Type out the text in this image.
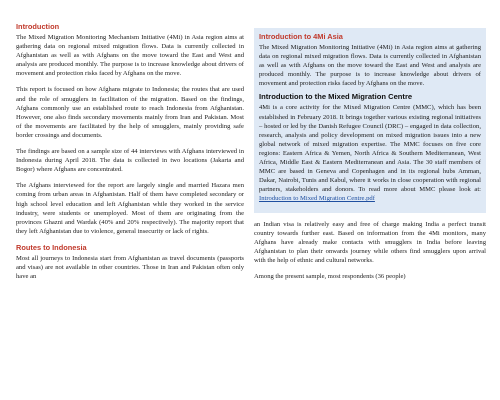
Introduction

The Mixed Migration Monitoring Mechanism Initiative (4Mi) in Asia region aims at gathering data on regional mixed migration flows. Data is currently collected in Afghanistan as well as with Afghans on the move toward the East and West and analysis are produced monthly. The purpose is to increase knowledge about drivers of movement and protection risks faced by Afghans on the move.

This report is focused on how Afghans migrate to Indonesia; the routes that are used and the role of smugglers in facilitation of the migration. Based on the findings, Afghans commonly use an established route to reach Indonesia from Afghanistan. However, one also finds secondary movements mainly from Iran and Pakistan. Most of the movements are facilitated by the help of smugglers, mainly providing safe border crossings and documents.

The findings are based on a sample size of 44 interviews with Afghans interviewed in Indonesia during April 2018. The data is collected in two locations (Jakarta and Bogor) where Afghans are concentrated.

The Afghans interviewed for the report are largely single and married Hazara men coming from urban areas in Afghanistan. Half of them have completed secondary or high school level education and left Afghanistan while they worked in the service industry, were students or unemployed. Most of them are originating from the provinces Ghazni and Wardak (40% and 20% respectively). The majority report that they left Afghanistan due to violence, general insecurity or lack of rights.

Routes to Indonesia

Most all journeys to Indonesia start from Afghanistan as travel documents (passports and visas) are not available in other countries. Those in Iran and Pakistan often only have an

Introduction to 4Mi Asia

The Mixed Migration Monitoring Initiative (4Mi) in Asia region aims at gathering data on regional mixed migration flows. Data is currently collected in Afghanistan as well as with Afghans on the move toward the East and West and analysis are produced monthly. The purpose is to increase knowledge about drivers of movement and protection risks faced by Afghans on the move.

Introduction to the Mixed Migration Centre

4Mi is a core activity for the Mixed Migration Centre (MMC), which has been established in February 2018. It brings together various existing regional initiatives – hosted or led by the Danish Refugee Council (DRC) – engaged in data collection, research, analysis and policy development on mixed migration issues into a new global network of mixed migration expertise. The MMC focuses on five core regions: Eastern Africa & Yemen, North Africa & Southern Mediterranean, West Africa, Middle East & Eastern Mediterranean and Asia. The 30 staff members of MMC are based in Geneva and Copenhagen and in its regional hubs Amman, Dakar, Nairobi, Tunis and Kabul, where it works in close cooperation with regional partners, stakeholders and donors. To read more about MMC please look at: Introduction to Mixed Migration Centre.pdf

an Indian visa is relatively easy and free of charge making India a perfect transit country towards further east. Based on information from the 4Mi monitors, many Afghans have already make contacts with smugglers in India before leaving Afghanistan to plan their onwards journey while others find smugglers upon arrival with the help of ethnic and cultural networks.

Among the present sample, most respondents (36 people)
